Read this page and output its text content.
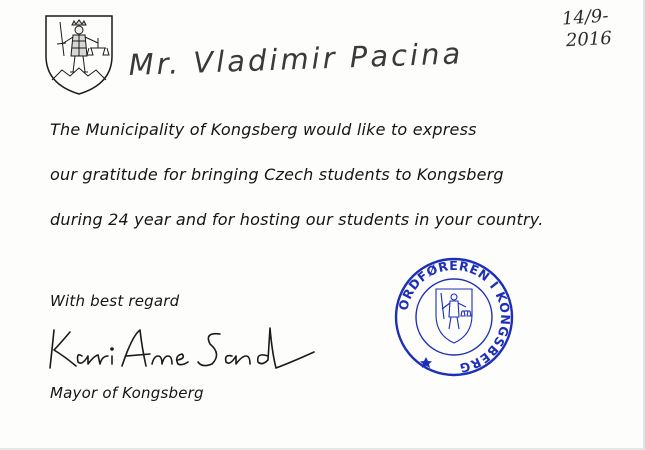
14/9-
2016
Mr. Vladimir Pacina
The Municipality of Kongsberg would like to express
our gratitude for bringing Czech students to Kongsberg
during 24 year and for hosting our students in your country.
With best regard
Mayor of Kongsberg
ORDFØREREN I KONGSBERG
